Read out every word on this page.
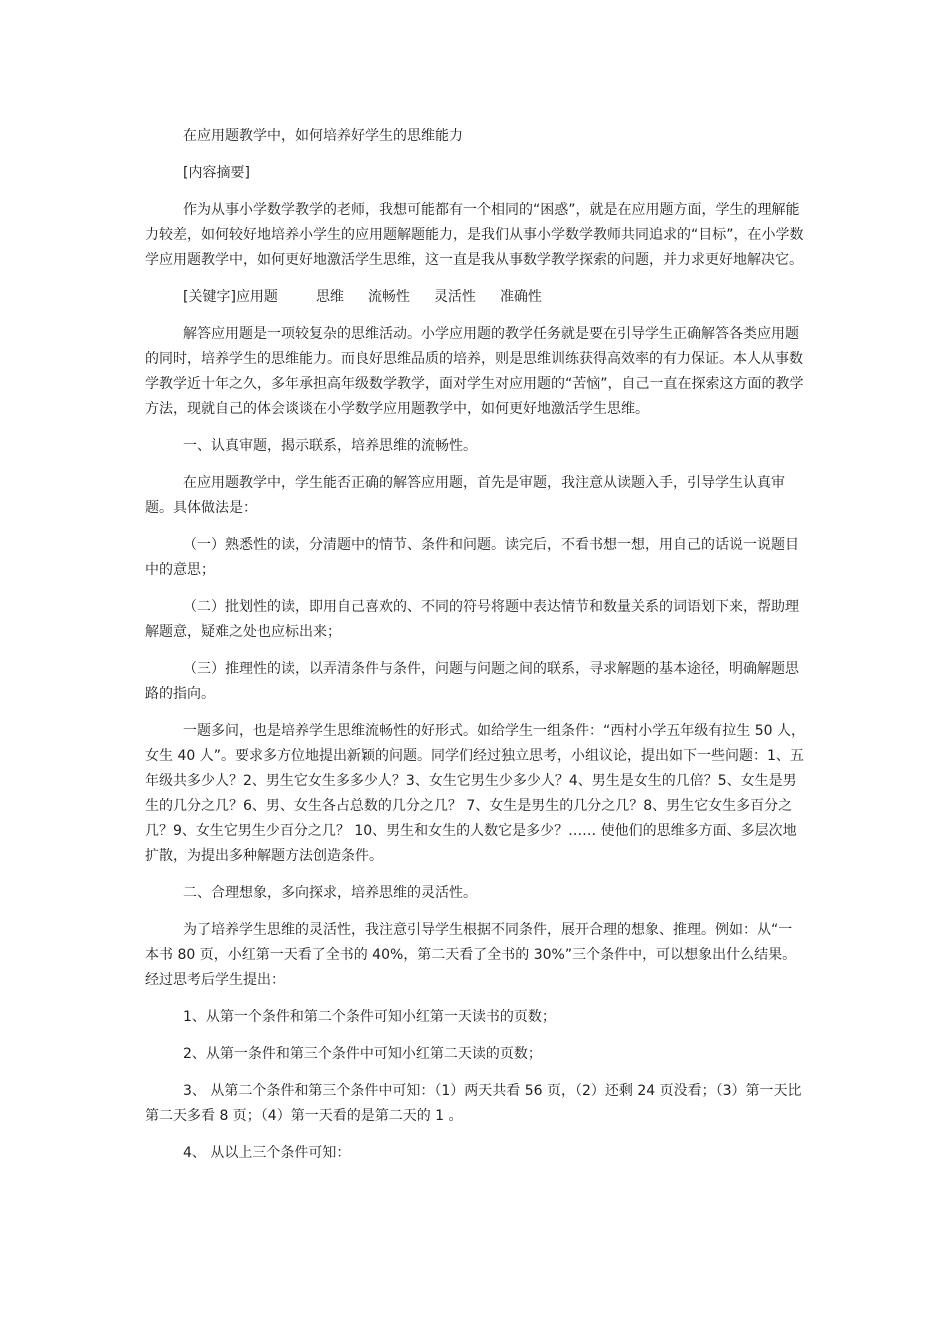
在应用题教学中，如何培养好学生的思维能力

[内容摘要]

作为从事小学数学教学的老师，我想可能都有一个相同的“困惑”，就是在应用题方面，学生的理解能力较差，如何较好地培养小学生的应用题解题能力，是我们从事小学数学教师共同追求的“目标”，在小学数学应用题教学中，如何更好地激活学生思维，这一直是我从事数学教学探索的问题，并力求更好地解决它。

[关键字]应用题	思维 流畅性 灵活性 准确性

解答应用题是一项较复杂的思维活动。小学应用题的教学任务就是要在引导学生正确解答各类应用题的同时，培养学生的思维能力。而良好思维品质的培养，则是思维训练获得高效率的有力保证。本人从事数学教学近十年之久，多年承担高年级数学教学，面对学生对应用题的“苦恼”，自己一直在探索这方面的教学方法，现就自己的体会谈谈在小学数学应用题教学中，如何更好地激活学生思维。

一、认真审题，揭示联系，培养思维的流畅性。

在应用题教学中，学生能否正确的解答应用题，首先是审题，我注意从读题入手，引导学生认真审题。具体做法是：

（一）熟悉性的读，分清题中的情节、条件和问题。读完后，不看书想一想，用自己的话说一说题目中的意思；

（二）批划性的读，即用自己喜欢的、不同的符号将题中表达情节和数量关系的词语划下来，帮助理解题意，疑难之处也应标出来；

（三）推理性的读，以弄清条件与条件，问题与问题之间的联系，寻求解题的基本途径，明确解题思路的指向。

一题多问，也是培养学生思维流畅性的好形式。如给学生一组条件：“西村小学五年级有拉生 50 人，女生 40 人”。要求多方位地提出新颖的问题。同学们经过独立思考，小组议论，提出如下一些问题：1、五年级共多少人？2、男生它女生多多少人？3、女生它男生少多少人？4、男生是女生的几倍？5、女生是男生的几分之几？6、男、女生各占总数的几分之几？ 7、女生是男生的几分之几？8、男生它女生多百分之几？9、女生它男生少百分之几？ 10、男生和女生的人数它是多少？…… 使他们的思维多方面、多层次地扩散，为提出多种解题方法创造条件。

二、合理想象，多向探求，培养思维的灵活性。

为了培养学生思维的灵活性，我注意引导学生根据不同条件，展开合理的想象、推理。例如：从“一本书 80 页，小红第一天看了全书的 40%，第二天看了全书的 30%”三个条件中，可以想象出什么结果。经过思考后学生提出：

1、从第一个条件和第二个条件可知小红第一天读书的页数；

2、从第一条件和第三个条件中可知小红第二天读的页数；

3、 从第二个条件和第三个条件中可知：（1）两天共看 56 页，（2）还剩 24 页没看；（3）第一天比第二天多看 8 页；（4）第一天看的是第二天的 1 。

4、 从以上三个条件可知：
